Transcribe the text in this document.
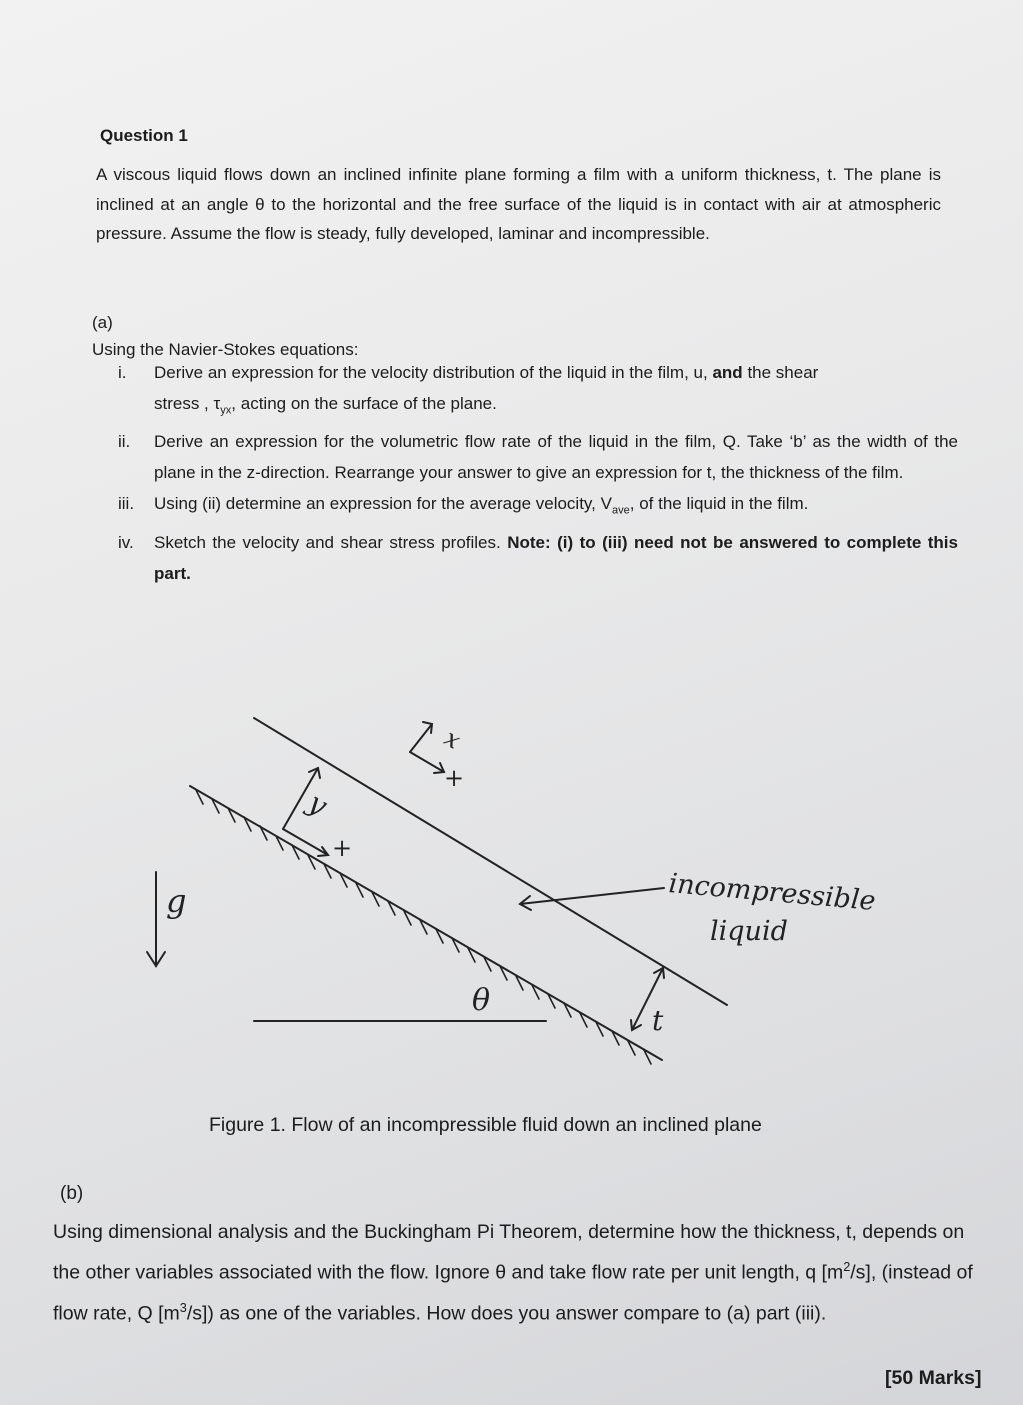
Question 1
A viscous liquid flows down an inclined infinite plane forming a film with a uniform thickness, t. The plane is inclined at an angle θ to the horizontal and the free surface of the liquid is in contact with air at atmospheric pressure. Assume the flow is steady, fully developed, laminar and incompressible.
(a)
Using the Navier-Stokes equations:
i.	Derive an expression for the velocity distribution of the liquid in the film, u, and the shear
stress , $\tau_{yx}$, acting on the surface of the plane.
ii.	Derive an expression for the volumetric flow rate of the liquid in the film, Q. Take ‘b’ as the width of the plane in the z-direction. Rearrange your answer to give an expression for t, the thickness of the film.
iii.	Using (ii) determine an expression for the average velocity, $V_{ave}$, of the liquid in the film.
iv.	Sketch the velocity and shear stress profiles. Note: (i) to (iii) need not be answered to complete this part.
y
x
+
+
g
θ
t
incompressible
liquid
Figure 1. Flow of an incompressible fluid down an inclined plane
(b)
Using dimensional analysis and the Buckingham Pi Theorem, determine how the thickness, t, depends on the other variables associated with the flow. Ignore θ and take flow rate per unit length, q $[m^2/s]$, (instead of flow rate, Q $[m^3/s]$) as one of the variables. How does you answer compare to (a) part (iii).
[50 Marks]
